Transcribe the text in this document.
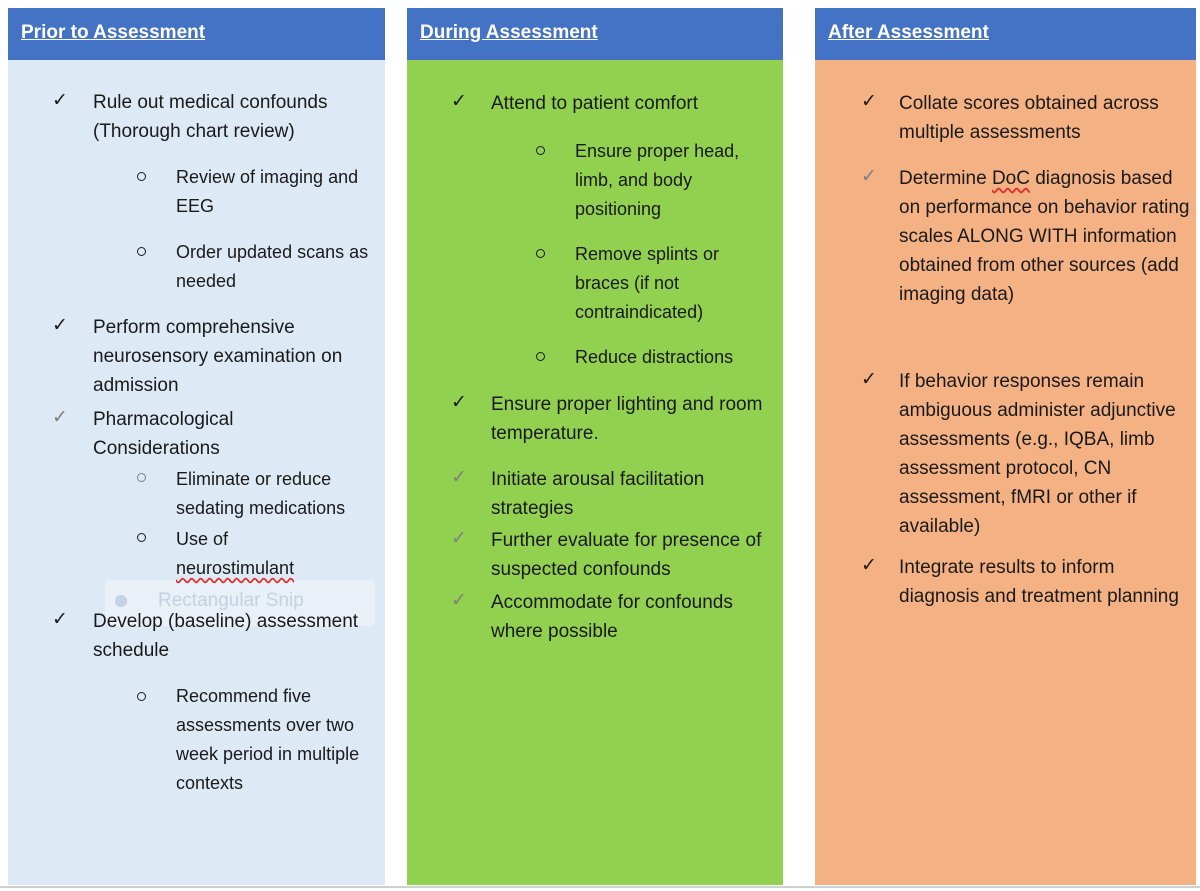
Prior to Assessment
✓ Rule out medical confounds (Thorough chart review)
Review of imaging and EEG
Order updated scans as needed
✓ Perform comprehensive neurosensory examination on admission
✓ Pharmacological Considerations
Eliminate or reduce sedating medications
Rectangular Snip
Use of
neurostimulant
✓ Develop (baseline) assessment schedule
Recommend five assessments over two week period in multiple contexts
During Assessment
✓ Attend to patient comfort
Ensure proper head, limb, and body positioning
Remove splints or braces (if not contraindicated)
Reduce distractions
✓ Ensure proper lighting and room temperature.
✓ Initiate arousal facilitation strategies
✓ Further evaluate for presence of suspected confounds
✓ Accommodate for confounds where possible
After Assessment
✓ Collate scores obtained across multiple assessments
✓ Determine DoC diagnosis based on performance on behavior rating scales ALONG WITH information obtained from other sources (add imaging data)
✓ If behavior responses remain ambiguous administer adjunctive assessments (e.g., IQBA, limb assessment protocol, CN assessment, fMRI or other if available)
✓ Integrate results to inform diagnosis and treatment planning
